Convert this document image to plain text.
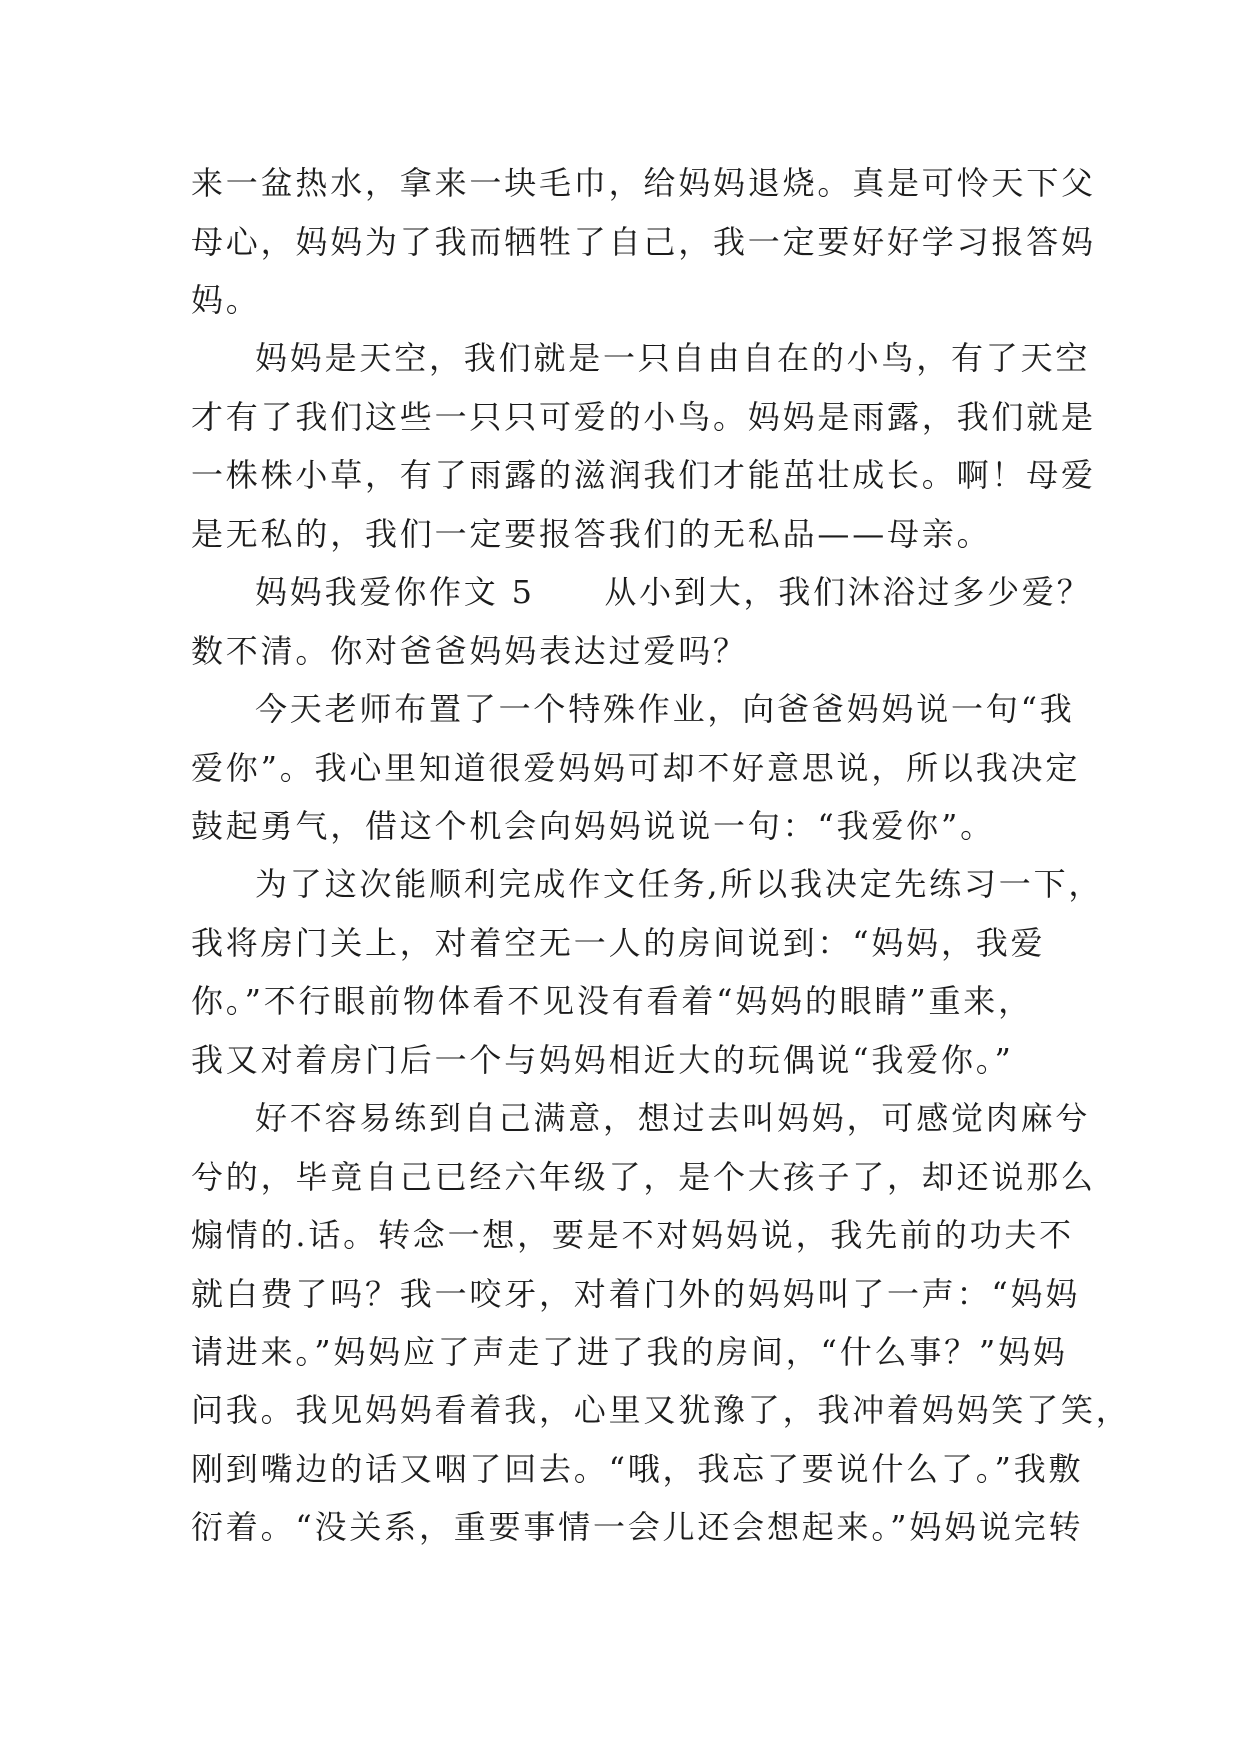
来一盆热水，拿来一块毛巾，给妈妈退烧。真是可怜天下父
母心，妈妈为了我而牺牲了自己，我一定要好好学习报答妈
妈。
妈妈是天空，我们就是一只自由自在的小鸟，有了天空
才有了我们这些一只只可爱的小鸟。妈妈是雨露，我们就是
一株株小草，有了雨露的滋润我们才能茁壮成长。啊！母爱
是无私的，我们一定要报答我们的无私品——母亲。
妈妈我爱你作文 5　　从小到大，我们沐浴过多少爱？
数不清。你对爸爸妈妈表达过爱吗？
今天老师布置了一个特殊作业，向爸爸妈妈说一句“我
爱你”。我心里知道很爱妈妈可却不好意思说，所以我决定
鼓起勇气，借这个机会向妈妈说说一句：“我爱你”。
为了这次能顺利完成作文任务,所以我决定先练习一下，
我将房门关上，对着空无一人的房间说到：“妈妈，我爱
你。”不行眼前物体看不见没有看着“妈妈的眼睛”重来，
我又对着房门后一个与妈妈相近大的玩偶说“我爱你。”
好不容易练到自己满意，想过去叫妈妈，可感觉肉麻兮
兮的，毕竟自己已经六年级了，是个大孩子了，却还说那么
煽情的.话。转念一想，要是不对妈妈说，我先前的功夫不
就白费了吗？我一咬牙，对着门外的妈妈叫了一声：“妈妈
请进来。”妈妈应了声走了进了我的房间，“什么事？”妈妈
问我。我见妈妈看着我，心里又犹豫了，我冲着妈妈笑了笑，
刚到嘴边的话又咽了回去。“哦，我忘了要说什么了。”我敷
衍着。“没关系，重要事情一会儿还会想起来。”妈妈说完转
